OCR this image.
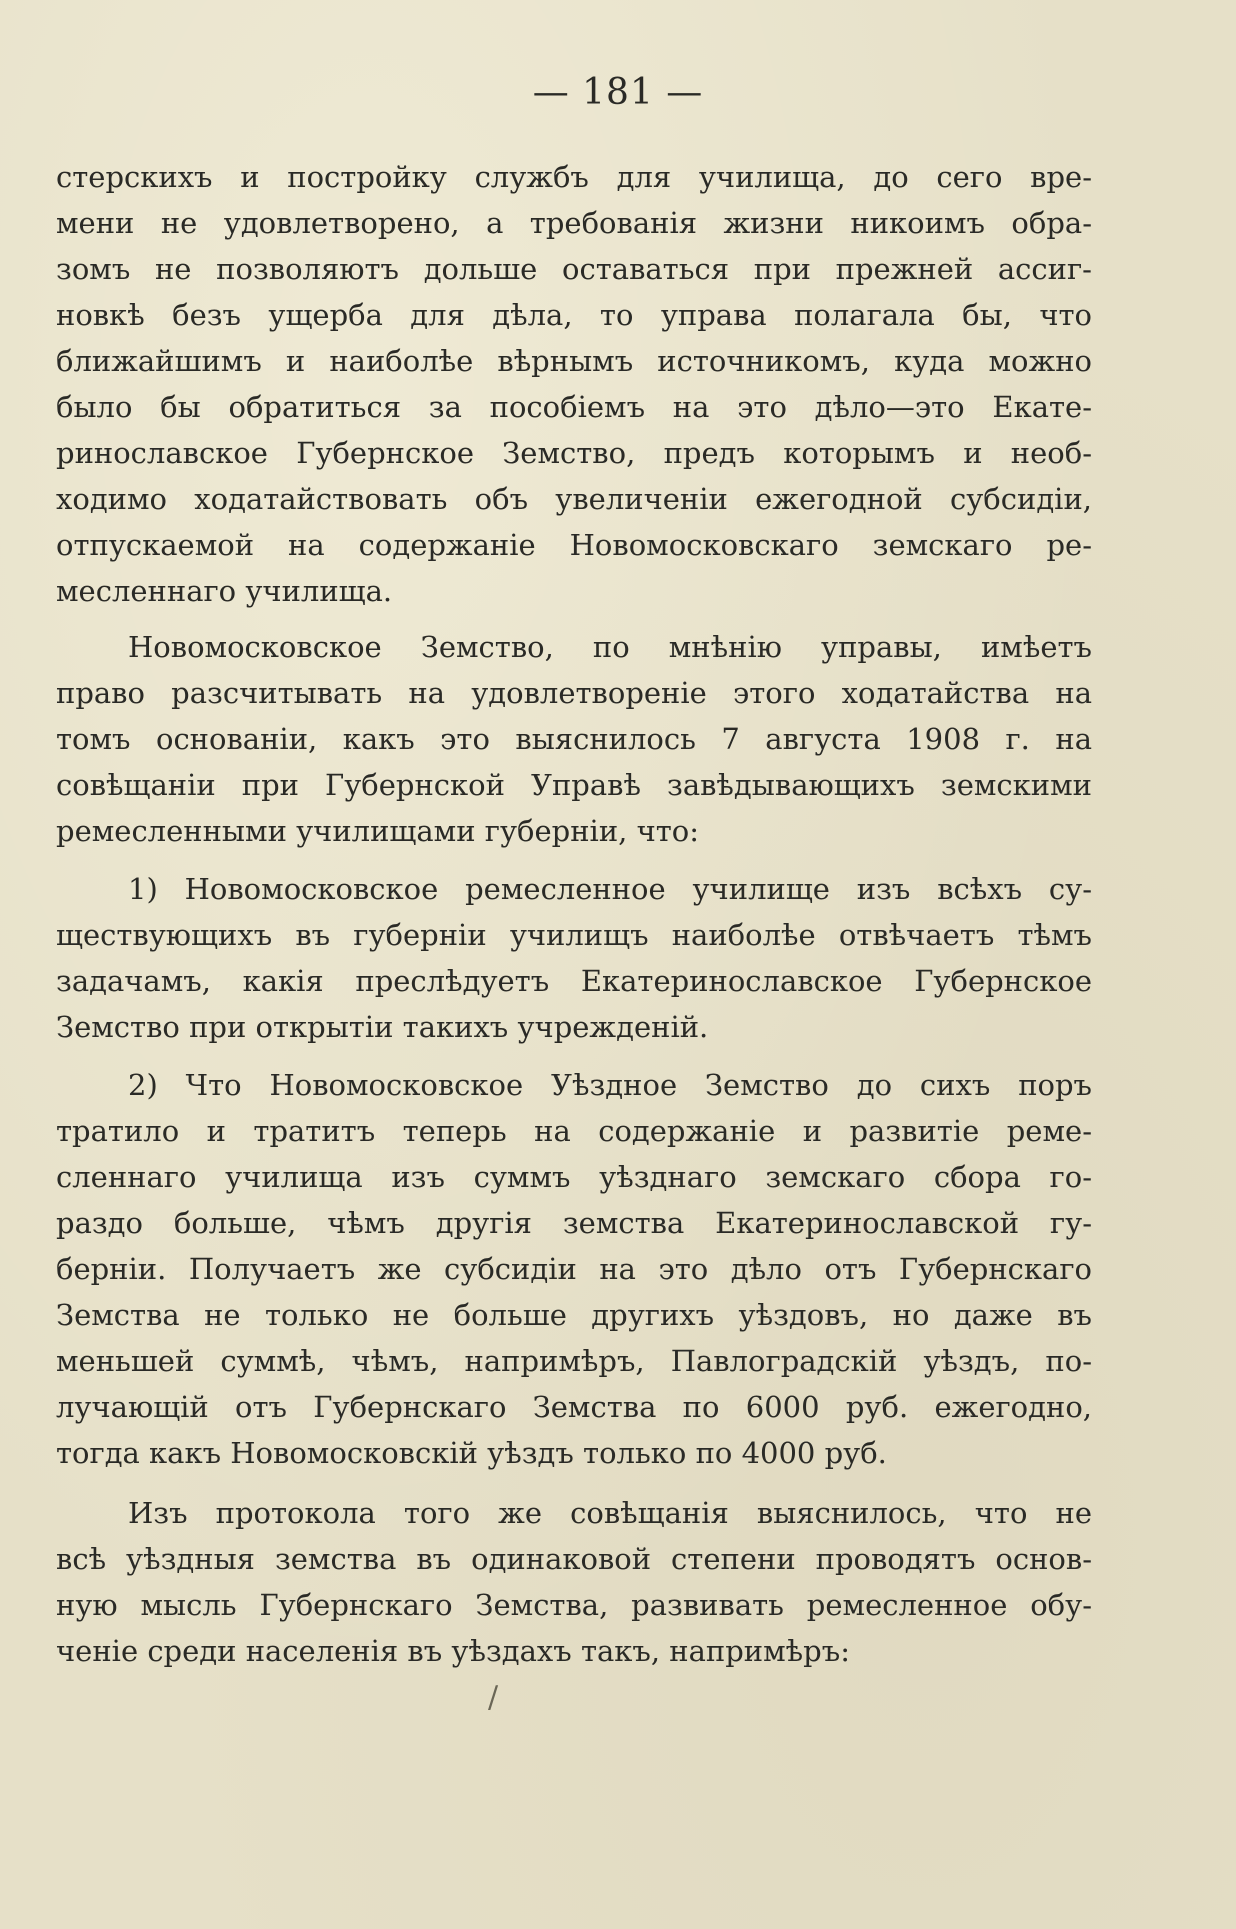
— 181 —
стерскихъ и постройку службъ для училища, до сего вре-
мени не удовлетворено, а требованія жизни никоимъ обра-
зомъ не позволяютъ дольше оставаться при прежней ассиг-
новкѣ безъ ущерба для дѣла, то управа полагала бы, что
ближайшимъ и наиболѣе вѣрнымъ источникомъ, куда можно
было бы обратиться за пособіемъ на это дѣло—это Екате-
ринославское Губернское Земство, предъ которымъ и необ-
ходимо ходатайствовать объ увеличеніи ежегодной субсидіи,
отпускаемой на содержаніе Новомосковскаго земскаго ре-
месленнаго училища.
Новомосковское Земство, по мнѣнію управы, имѣетъ
право разсчитывать на удовлетвореніе этого ходатайства на
томъ основаніи, какъ это выяснилось 7 августа 1908 г. на
совѣщаніи при Губернской Управѣ завѣдывающихъ земскими
ремесленными училищами губерніи, что:
1) Новомосковское ремесленное училище изъ всѣхъ су-
ществующихъ въ губерніи училищъ наиболѣе отвѣчаетъ тѣмъ
задачамъ, какія преслѣдуетъ Екатеринославское Губернское
Земство при открытіи такихъ учрежденій.
2) Что Новомосковское Уѣздное Земство до сихъ поръ
тратило и тратитъ теперь на содержаніе и развитіе реме-
сленнаго училища изъ суммъ уѣзднаго земскаго сбора го-
раздо больше, чѣмъ другія земства Екатеринославской гу-
берніи. Получаетъ же субсидіи на это дѣло отъ Губернскаго
Земства не только не больше другихъ уѣздовъ, но даже въ
меньшей суммѣ, чѣмъ, напримѣръ, Павлоградскій уѣздъ, по-
лучающій отъ Губернскаго Земства по 6000 руб. ежегодно,
тогда какъ Новомосковскій уѣздъ только по 4000 руб.
Изъ протокола того же совѣщанія выяснилось, что не
всѣ уѣздныя земства въ одинаковой степени проводятъ основ-
ную мысль Губернскаго Земства, развивать ремесленное обу-
ченіе среди населенія въ уѣздахъ такъ, напримѣръ:
/
